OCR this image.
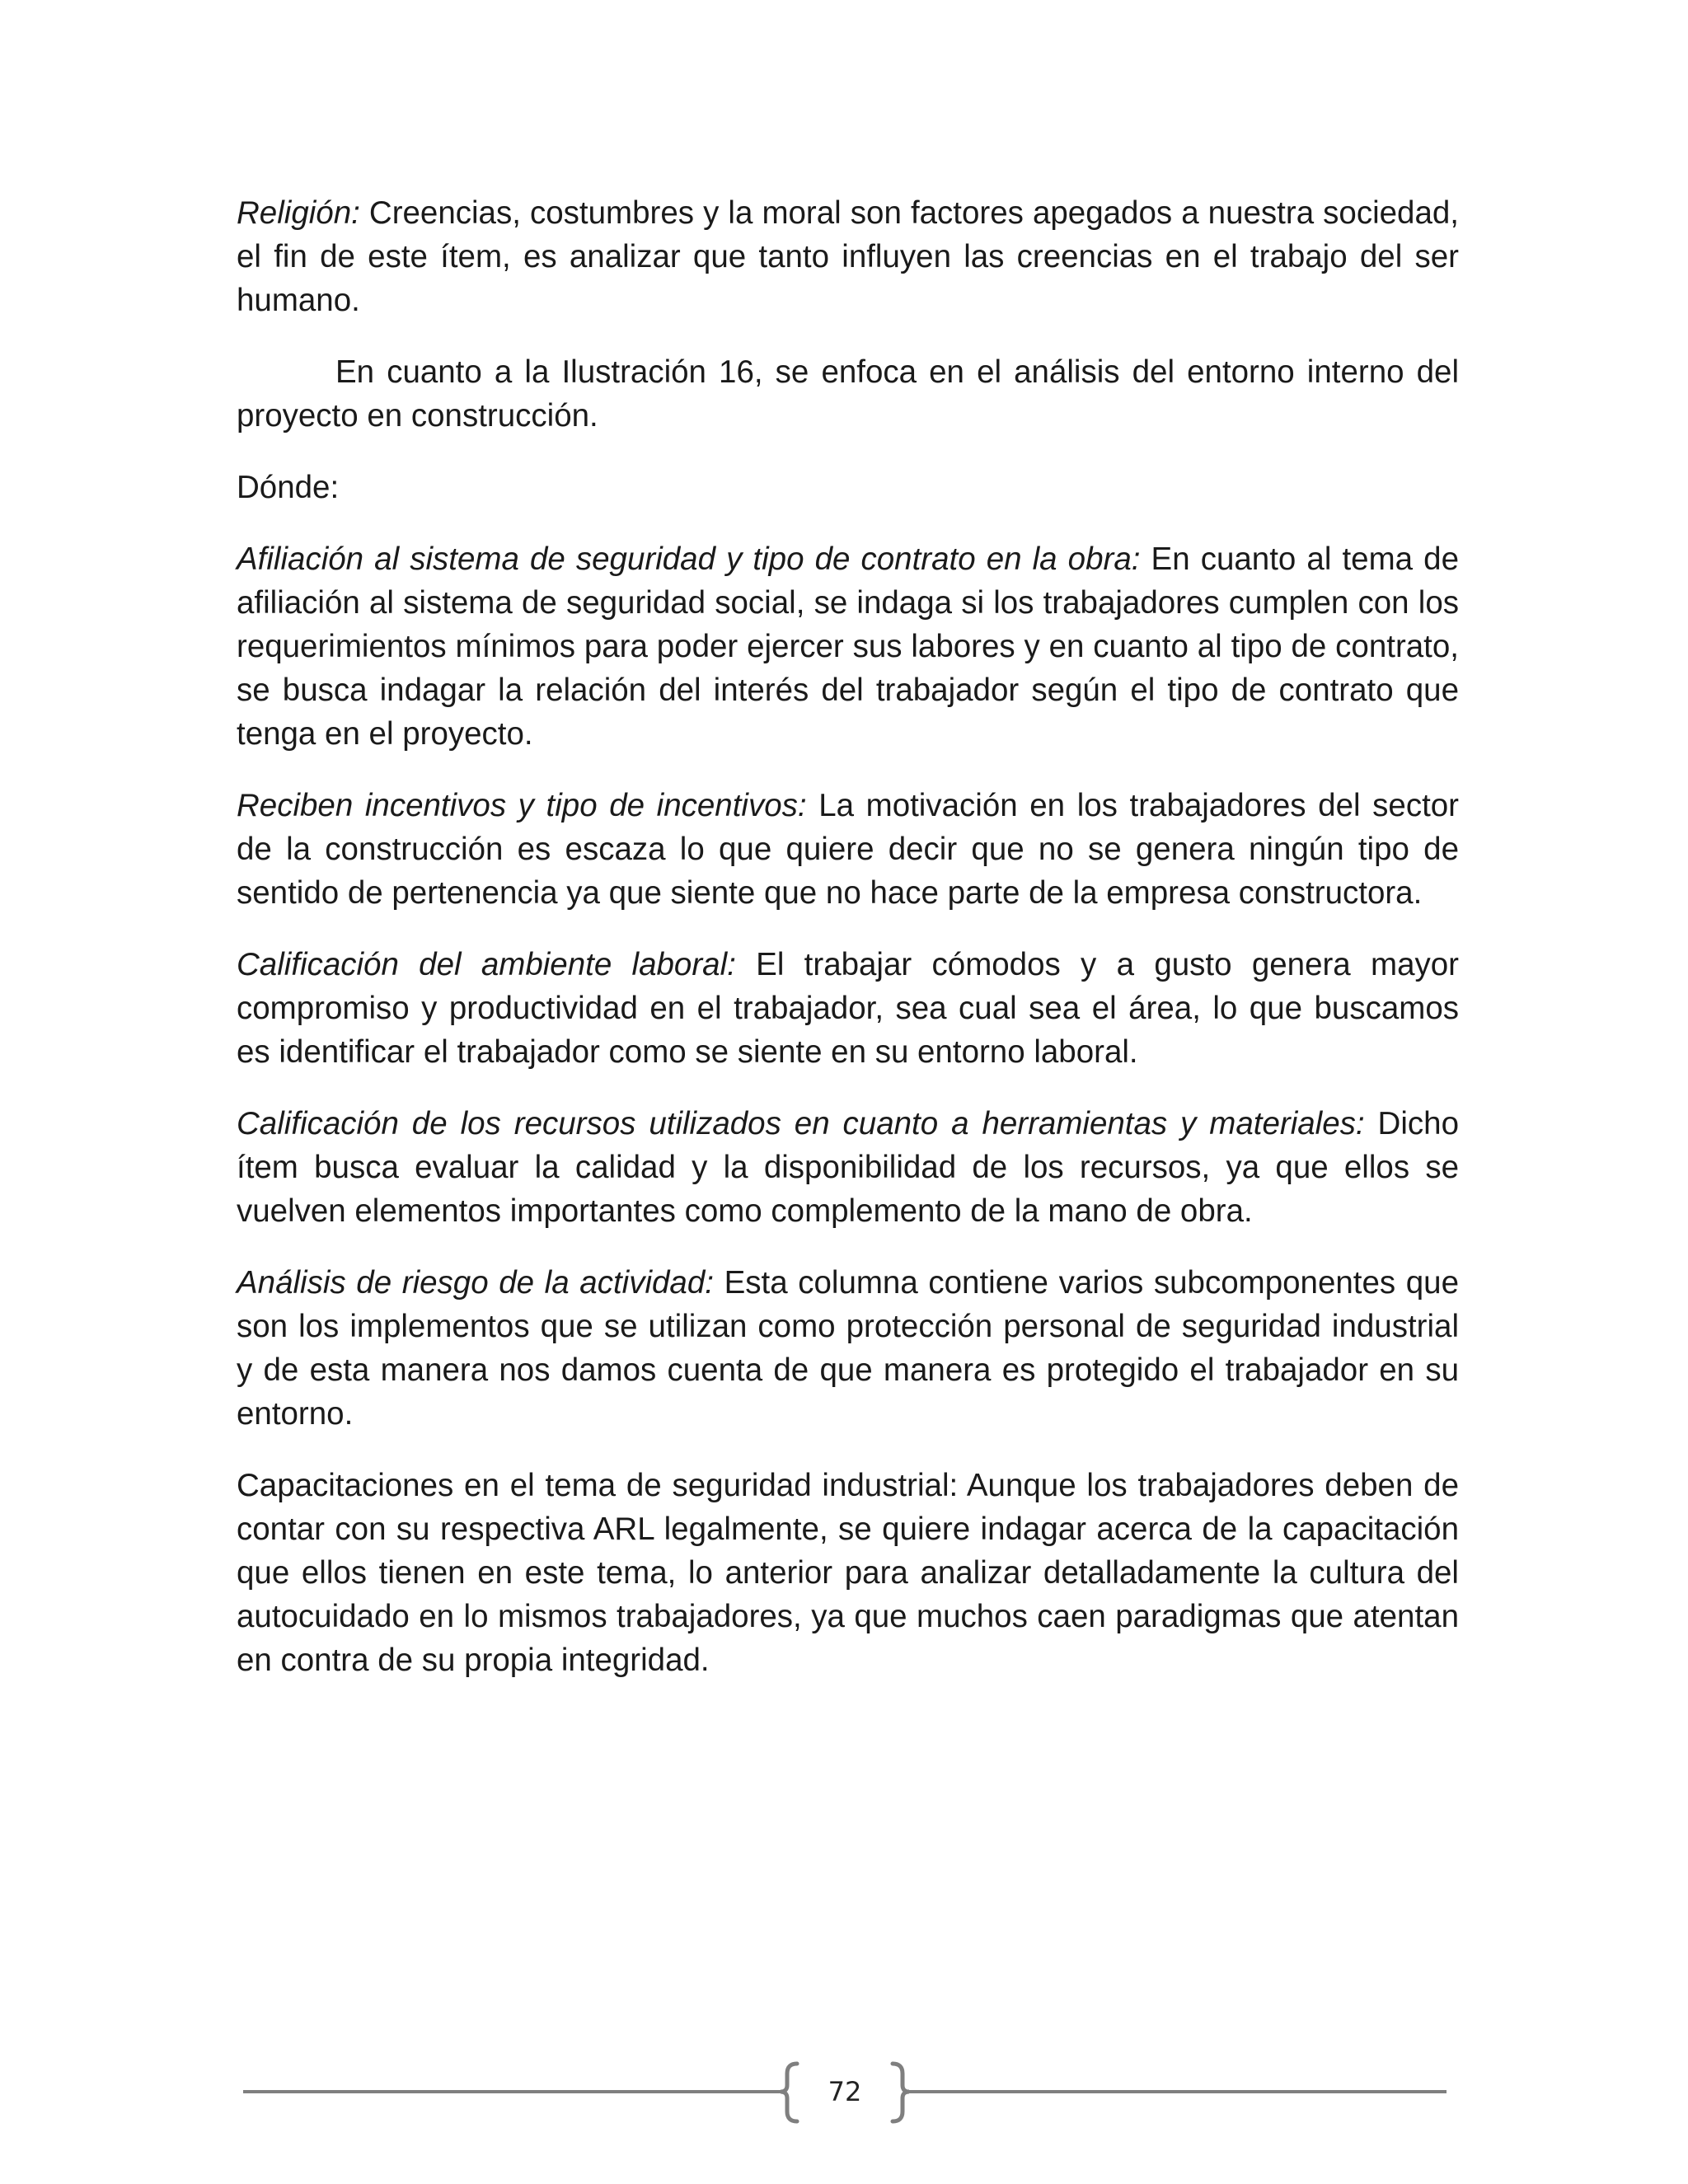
Religión: Creencias, costumbres y la moral son factores apegados a nuestra sociedad, el fin de este ítem, es analizar que tanto influyen las creencias en el trabajo del ser humano.

En cuanto a la Ilustración 16, se enfoca en el análisis del entorno interno del proyecto en construcción.

Dónde:

Afiliación al sistema de seguridad y tipo de contrato en la obra: En cuanto al tema de afiliación al sistema de seguridad social, se indaga si los trabajadores cumplen con los requerimientos mínimos para poder ejercer sus labores y en cuanto al tipo de contrato, se busca indagar la relación del interés del trabajador según el tipo de contrato que tenga en el proyecto.

Reciben incentivos y tipo de incentivos: La motivación en los trabajadores del sector de la construcción es escaza lo que quiere decir que no se genera ningún tipo de sentido de pertenencia ya que siente que no hace parte de la empresa constructora.

Calificación del ambiente laboral: El trabajar cómodos y a gusto genera mayor compromiso y productividad en el trabajador, sea cual sea el área, lo que buscamos es identificar el trabajador como se siente en su entorno laboral.

Calificación de los recursos utilizados en cuanto a herramientas y materiales: Dicho ítem busca evaluar la calidad y la disponibilidad de los recursos, ya que ellos se vuelven elementos importantes como complemento de la mano de obra.

Análisis de riesgo de la actividad: Esta columna contiene varios subcomponentes que son los implementos que se utilizan como protección personal de seguridad industrial y de esta manera nos damos cuenta de que manera es protegido el trabajador en su entorno.

Capacitaciones en el tema de seguridad industrial: Aunque los trabajadores deben de contar con su respectiva ARL legalmente, se quiere indagar acerca de la capacitación que ellos tienen en este tema, lo anterior para analizar detalladamente la cultura del autocuidado en lo mismos trabajadores, ya que muchos caen paradigmas que atentan en contra de su propia integridad.

72
